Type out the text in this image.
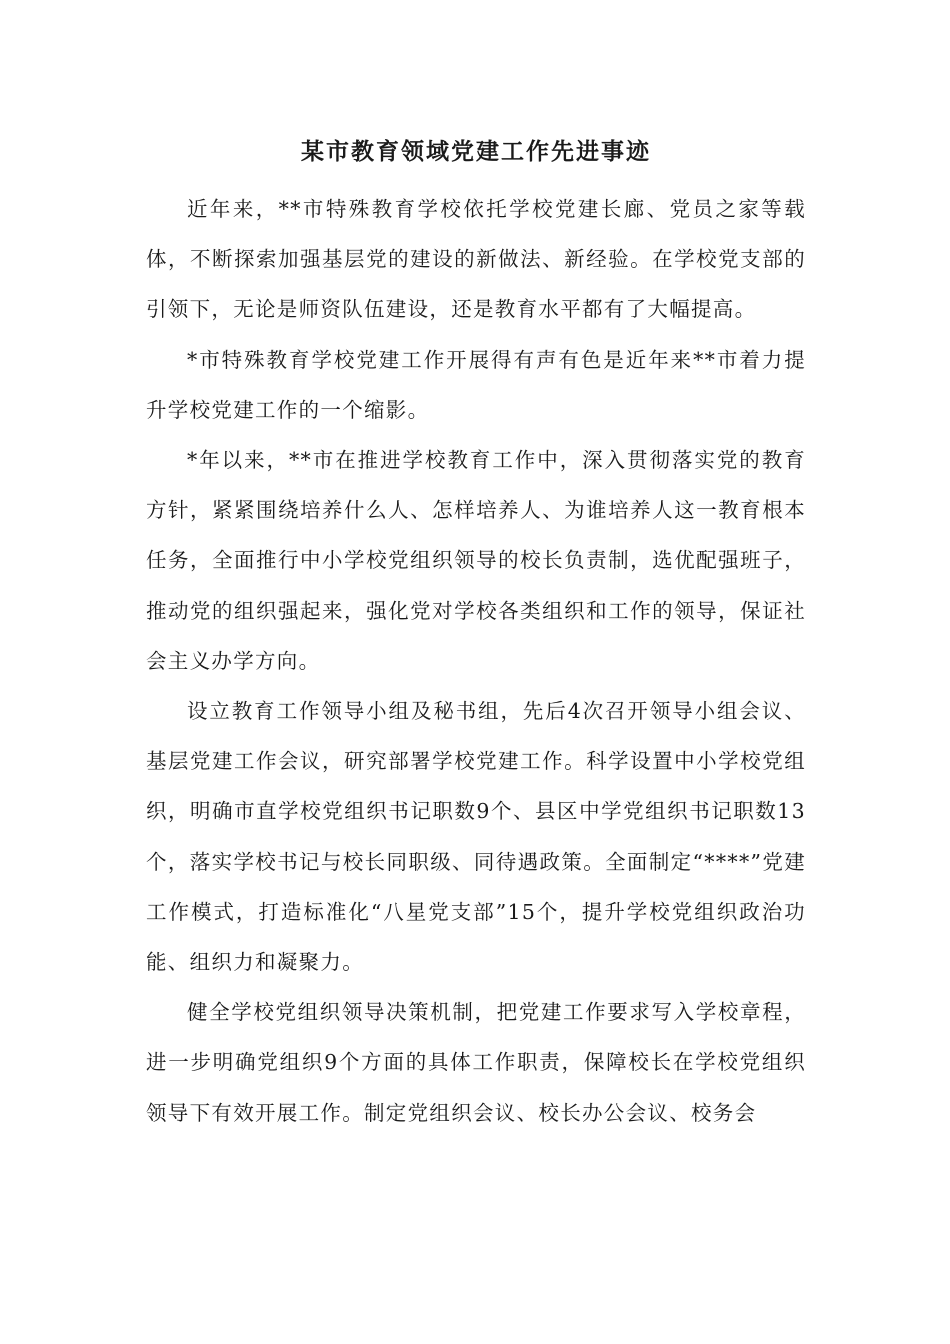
某市教育领域党建工作先进事迹

近年来，**市特殊教育学校依托学校党建长廊、党员之家等载体，不断探索加强基层党的建设的新做法、新经验。在学校党支部的引领下，无论是师资队伍建设，还是教育水平都有了大幅提高。

*市特殊教育学校党建工作开展得有声有色是近年来**市着力提升学校党建工作的一个缩影。

*年以来，**市在推进学校教育工作中，深入贯彻落实党的教育方针，紧紧围绕培养什么人、怎样培养人、为谁培养人这一教育根本任务，全面推行中小学校党组织领导的校长负责制，选优配强班子，推动党的组织强起来，强化党对学校各类组织和工作的领导，保证社会主义办学方向。

设立教育工作领导小组及秘书组，先后4次召开领导小组会议、基层党建工作会议，研究部署学校党建工作。科学设置中小学校党组织，明确市直学校党组织书记职数9个、县区中学党组织书记职数13个，落实学校书记与校长同职级、同待遇政策。全面制定“****”党建工作模式，打造标准化“八星党支部”15个，提升学校党组织政治功能、组织力和凝聚力。

健全学校党组织领导决策机制，把党建工作要求写入学校章程，进一步明确党组织9个方面的具体工作职责，保障校长在学校党组织领导下有效开展工作。制定党组织会议、校长办公会议、校务会
